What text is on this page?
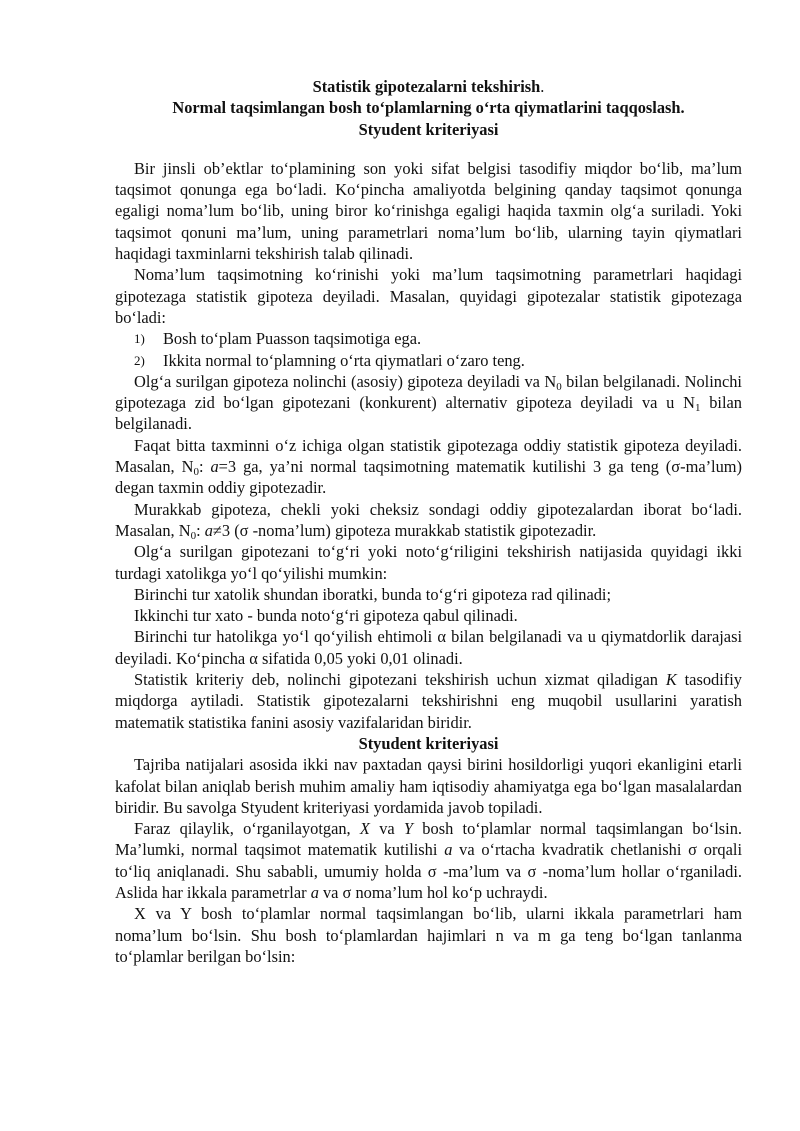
Statistik gipotezalarni tekshirish.
Normal taqsimlangan bosh to‘plamlarning o‘rta qiymatlarini taqqoslash.
Styudent kriteriyasi

Bir jinsli ob’ektlar to‘plamining son yoki sifat belgisi tasodifiy miqdor bo‘lib, ma’lum taqsimot qonunga ega bo‘ladi. Ko‘pincha amaliyotda belgining qanday taqsimot qonunga egaligi noma’lum bo‘lib, uning biror ko‘rinishga egaligi haqida taxmin olg‘a suriladi. Yoki taqsimot qonuni ma’lum, uning parametrlari noma’lum bo‘lib, ularning tayin qiymatlari haqidagi taxminlarni tekshirish talab qilinadi.

Noma’lum taqsimotning ko‘rinishi yoki ma’lum taqsimotning parametrlari haqidagi gipotezaga statistik gipoteza deyiladi. Masalan, quyidagi gipotezalar statistik gipotezaga bo‘ladi:

1)	Bosh to‘plam Puasson taqsimotiga ega.
2)	Ikkita normal to‘plamning o‘rta qiymatlari o‘zaro teng.

Olg‘a surilgan gipoteza nolinchi (asosiy) gipoteza deyiladi va $N_0$ bilan belgilanadi. Nolinchi gipotezaga zid bo‘lgan gipotezani (konkurent) alternativ gipoteza deyiladi va u $N_1$ bilan belgilanadi.

Faqat bitta taxminni o‘z ichiga olgan statistik gipotezaga oddiy statistik gipoteza deyiladi. Masalan, $N_0$: a=3 ga, ya’ni normal taqsimotning matematik kutilishi 3 ga teng (σ-ma’lum) degan taxmin oddiy gipotezadir.

Murakkab gipoteza, chekli yoki cheksiz sondagi oddiy gipotezalardan iborat bo‘ladi. Masalan, $N_0$: a≠3 (σ -noma’lum) gipoteza murakkab statistik gipotezadir.

Olg‘a surilgan gipotezani to‘g‘ri yoki noto‘g‘riligini tekshirish natijasida quyidagi ikki turdagi xatolikga yo‘l qo‘yilishi mumkin:

Birinchi tur xatolik shundan iboratki, bunda to‘g‘ri gipoteza rad qilinadi;

Ikkinchi tur xato - bunda noto‘g‘ri gipoteza qabul qilinadi.

Birinchi tur hatolikga yo‘l qo‘yilish ehtimoli α bilan belgilanadi va u qiymatdorlik darajasi deyiladi. Ko‘pincha α sifatida 0,05 yoki 0,01 olinadi.

Statistik kriteriy deb, nolinchi gipotezani tekshirish uchun xizmat qiladigan K tasodifiy miqdorga aytiladi. Statistik gipotezalarni tekshirishni eng muqobil usullarini yaratish matematik statistika fanini asosiy vazifalaridan biridir.

Styudent kriteriyasi

Tajriba natijalari asosida ikki nav paxtadan qaysi birini hosildorligi yuqori ekanligini etarli kafolat bilan aniqlab berish muhim amaliy ham iqtisodiy ahamiyatga ega bo‘lgan masalalardan biridir. Bu savolga Styudent kriteriyasi yordamida javob topiladi.

Faraz qilaylik, o‘rganilayotgan, X va Y bosh to‘plamlar normal taqsimlangan bo‘lsin. Ma’lumki, normal taqsimot matematik kutilishi a va o‘rtacha kvadratik chetlanishi σ orqali to‘liq aniqlanadi. Shu sababli, umumiy holda σ -ma’lum va σ -noma’lum hollar o‘rganiladi. Aslida har ikkala parametrlar a va σ noma’lum hol ko‘p uchraydi.

X va Y bosh to‘plamlar normal taqsimlangan bo‘lib, ularni ikkala parametrlari ham noma’lum bo‘lsin. Shu bosh to‘plamlardan hajimlari n va m ga teng bo‘lgan tanlanma to‘plamlar berilgan bo‘lsin:
